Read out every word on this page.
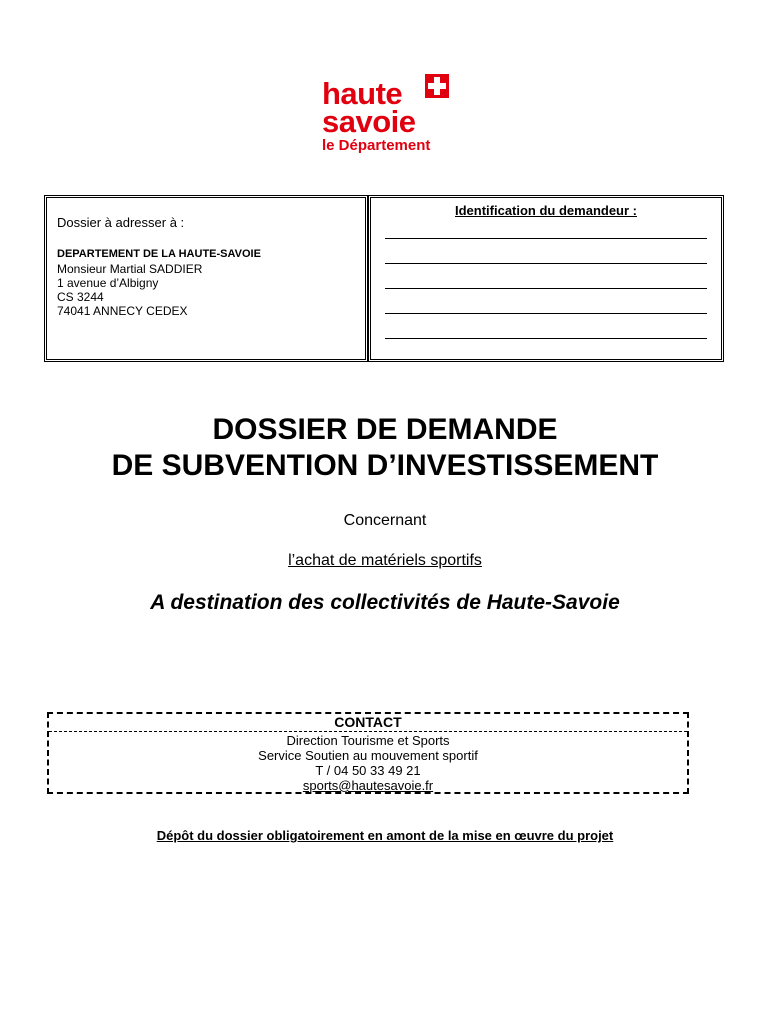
haute
savoie
le Département
Dossier à adresser à :
DEPARTEMENT DE LA HAUTE-SAVOIE
Monsieur Martial SADDIER
1 avenue d’Albigny
CS 3244
74041 ANNECY CEDEX
Identification du demandeur :
DOSSIER DE DEMANDE
DE SUBVENTION D’INVESTISSEMENT
Concernant
l’achat de matériels sportifs
A destination des collectivités de Haute-Savoie
CONTACT
Direction Tourisme et Sports
Service Soutien au mouvement sportif
T / 04 50 33 49 21
sports@hautesavoie.fr
Dépôt du dossier obligatoirement en amont de la mise en œuvre du projet
